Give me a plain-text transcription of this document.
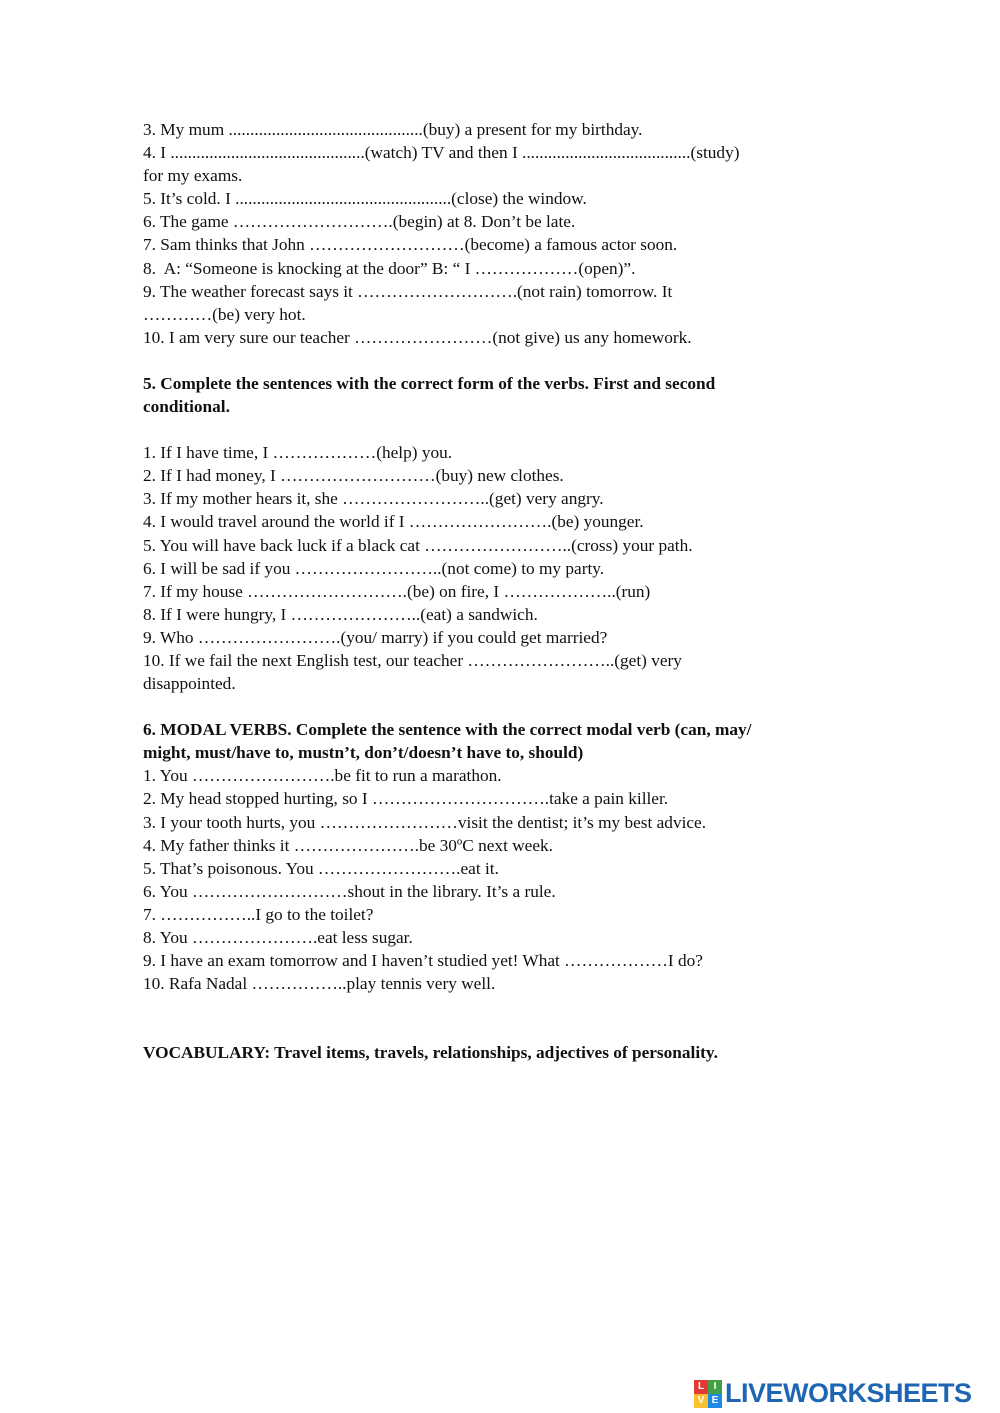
3. My mum .............................................(buy) a present for my birthday.

4. I .............................................(watch) TV and then I .......................................(study)

for my exams.

5. It’s cold. I ..................................................(close) the window.

6. The game ……………………….(begin) at 8. Don’t be late.

7. Sam thinks that John ………………………(become) a famous actor soon.

8.  A: “Someone is knocking at the door” B: “ I ………………(open)”.

9. The weather forecast says it ……………………….(not rain) tomorrow. It

…………(be) very hot.

10. I am very sure our teacher ……………………(not give) us any homework.

5. Complete the sentences with the correct form of the verbs. First and second

conditional.

1. If I have time, I ………………(help) you.

2. If I had money, I ………………………(buy) new clothes.

3. If my mother hears it, she ……………………..(get) very angry.

4. I would travel around the world if I …………………….(be) younger.

5. You will have back luck if a black cat ……………………..(cross) your path.

6. I will be sad if you ……………………..(not come) to my party.

7. If my house ……………………….(be) on fire, I ………………..(run)

8. If I were hungry, I …………………..(eat) a sandwich.

9. Who …………………….(you/ marry) if you could get married?

10. If we fail the next English test, our teacher ……………………..(get) very

disappointed.

6. MODAL VERBS. Complete the sentence with the correct modal verb (can, may/

might, must/have to, mustn’t, don’t/doesn’t have to, should)

1. You …………………….be fit to run a marathon.

2. My head stopped hurting, so I ………………………….take a pain killer.

3. I your tooth hurts, you ……………………visit the dentist; it’s my best advice.

4. My father thinks it ………………….be 30ºC next week.

5. That’s poisonous. You …………………….eat it.

6. You ………………………shout in the library. It’s a rule.

7. ……………..I go to the toilet?

8. You ………………….eat less sugar.

9. I have an exam tomorrow and I haven’t studied yet! What ………………I do?

10. Rafa Nadal ……………..play tennis very well.

VOCABULARY: Travel items, travels, relationships, adjectives of personality.

L I
V E LIVEWORKSHEETS
